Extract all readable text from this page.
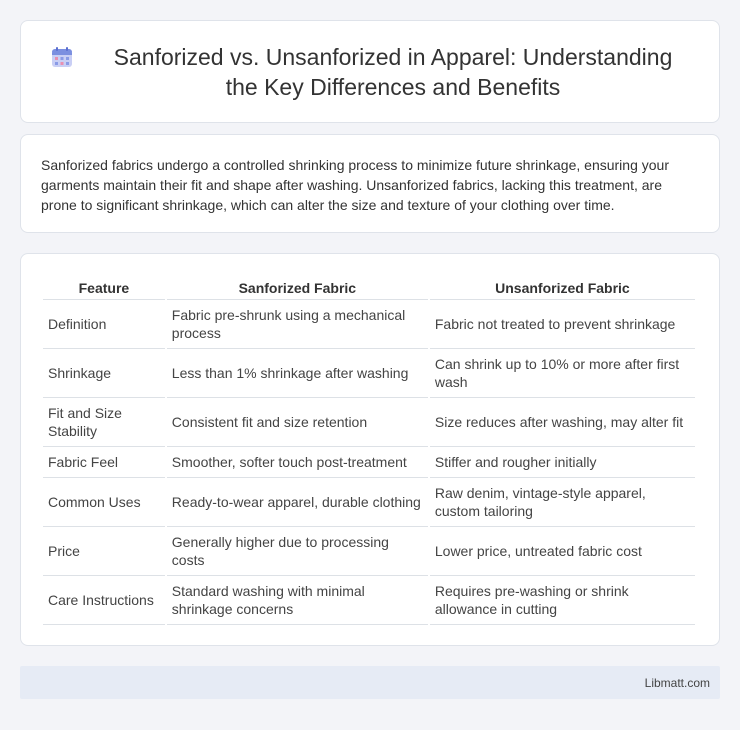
Sanforized vs. Unsanforized in Apparel: Understanding the Key Differences and Benefits

Sanforized fabrics undergo a controlled shrinking process to minimize future shrinkage, ensuring your garments maintain their fit and shape after washing. Unsanforized fabrics, lacking this treatment, are prone to significant shrinkage, which can alter the size and texture of your clothing over time.

Feature	Sanforized Fabric	Unsanforized Fabric
Definition	Fabric pre-shrunk using a mechanical process	Fabric not treated to prevent shrinkage
Shrinkage	Less than 1% shrinkage after washing	Can shrink up to 10% or more after first wash
Fit and Size Stability	Consistent fit and size retention	Size reduces after washing, may alter fit
Fabric Feel	Smoother, softer touch post-treatment	Stiffer and rougher initially
Common Uses	Ready-to-wear apparel, durable clothing	Raw denim, vintage-style apparel, custom tailoring
Price	Generally higher due to processing costs	Lower price, untreated fabric cost
Care Instructions	Standard washing with minimal shrinkage concerns	Requires pre-washing or shrink allowance in cutting
Libmatt.com
